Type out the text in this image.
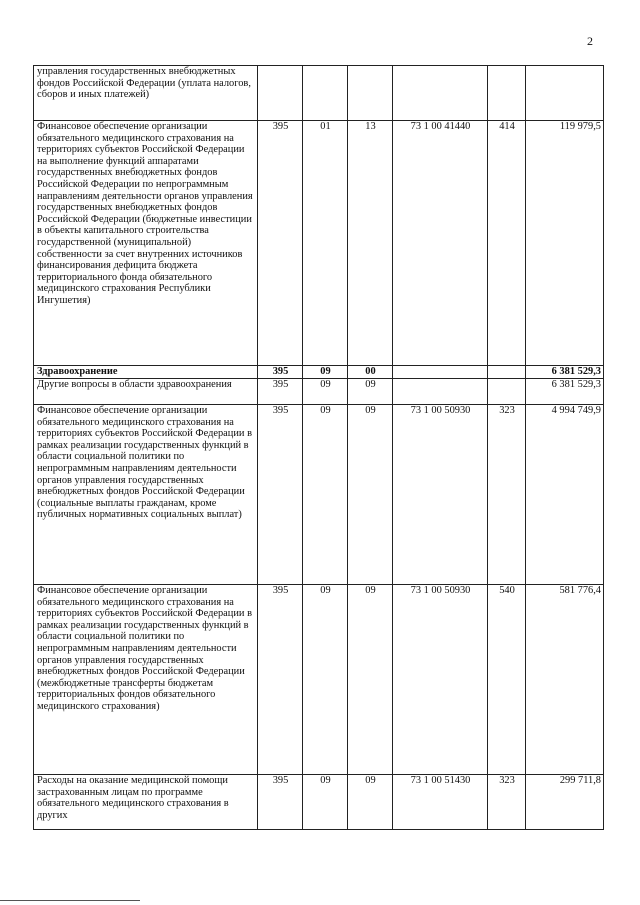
2
управления государственных внебюджетных фондов Российской Федерации (уплата налогов, сборов и иных платежей)						
Финансовое обеспечение организации обязательного медицинского страхования на территориях субъектов Российской Федерации на выполнение функций аппаратами государственных внебюджетных фондов Российской Федерации по непрограммным направлениям деятельности органов управления государственных внебюджетных фондов Российской Федерации (бюджетные инвестиции в объекты капитального строительства государственной (муниципальной) собственности за счет внутренних источников финансирования дефицита бюджета территориального фонда обязательного медицинского страхования Республики Ингушетия)	395	01	13	73 1 00 41440	414	119 979,5
Здравоохранение	395	09	00			6 381 529,3
Другие вопросы в области здравоохранения	395	09	09			6 381 529,3
Финансовое обеспечение организации обязательного медицинского страхования на территориях субъектов Российской Федерации в рамках реализации государственных функций в области социальной политики по непрограммным направлениям деятельности органов управления государственных внебюджетных фондов Российской Федерации (социальные выплаты гражданам, кроме публичных нормативных социальных выплат)	395	09	09	73 1 00 50930	323	4 994 749,9
Финансовое обеспечение организации обязательного медицинского страхования на территориях субъектов Российской Федерации в рамках реализации государственных функций в области социальной политики по непрограммным направлениям деятельности органов управления государственных внебюджетных фондов Российской Федерации (межбюджетные трансферты бюджетам территориальных фондов обязательного медицинского страхования)	395	09	09	73 1 00 50930	540	581 776,4
Расходы на оказание медицинской помощи застрахованным лицам по программе обязательного медицинского страхования в других	395	09	09	73 1 00 51430	323	299 711,8
